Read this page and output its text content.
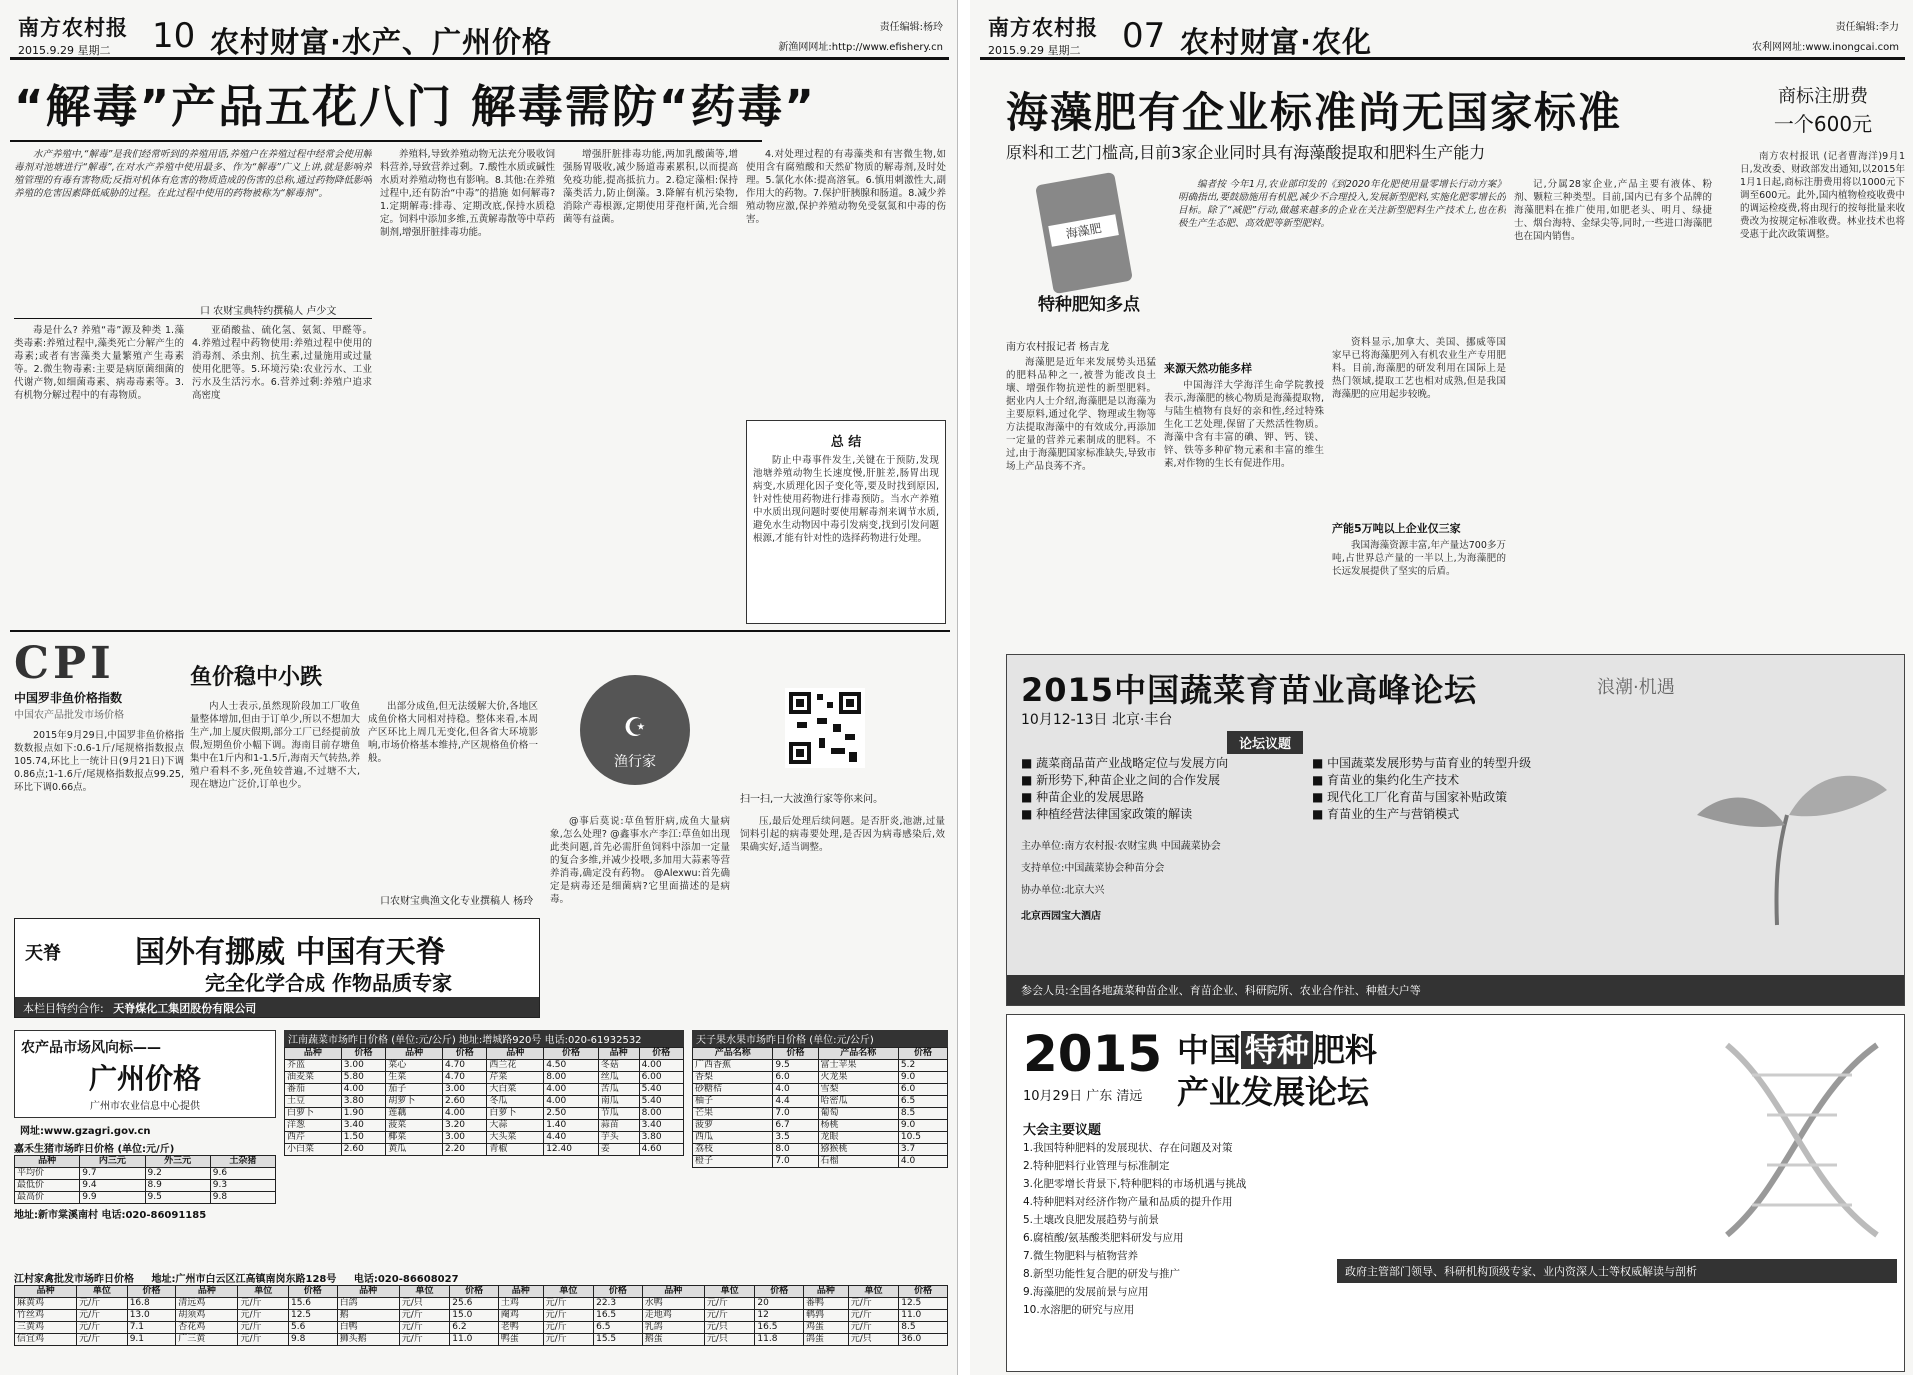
南方农村报
2015.9.29 星期二 10 农村财富·水产、广州价格	责任编辑:杨玲
新渔网网址:http://www.efishery.cn
“解毒”产品五花八门 解毒需防“药毒”

水产养殖中,“解毒”是我们经常听到的养殖用语,养殖户在养殖过程中经常会使用解毒剂对池塘进行“解毒”,在对水产养殖中使用最多、作为“解毒”广义上讲,就是影响养殖管理的有毒有害物质;反指对机体有危害的物质造成的伤害的总称,通过药物降低影响养殖的危害因素降低威胁的过程。在此过程中使用的药物被称为“解毒剂”。

口 农财宝典特约撰稿人 卢少文

毒是什么? 养殖“毒”源及种类 1.藻类毒素:养殖过程中,藻类死亡分解产生的毒素;或者有害藻类大量繁殖产生毒素等。2.微生物毒素:主要是病原菌细菌的代谢产物,如细菌毒素、病毒毒素等。3.有机物分解过程中的有毒物质。

亚硝酸盐、硫化氢、氨氮、甲醛等。4.养殖过程中药物使用:养殖过程中使用的消毒剂、杀虫剂、抗生素,过量施用或过量使用化肥等。5.环境污染:农业污水、工业污水及生活污水。6.营养过剩:养殖户追求高密度

养殖料,导致养殖动物无法充分吸收饲料营养,导致营养过剩。7.酸性水质或碱性水质对养殖动物也有影响。8.其他:在养殖过程中,还有防治“中毒”的措施 如何解毒? 1.定期解毒:排毒、定期改底,保持水质稳定。饲料中添加多维,五黄解毒散等中草药制剂,增强肝脏排毒功能。

增强肝脏排毒功能,两加乳酸菌等,增强肠胃吸收,减少肠道毒素累积,以而提高免疫功能,提高抵抗力。2.稳定藻相:保持藻类活力,防止倒藻。3.降解有机污染物,消除产毒根源,定期使用芽孢杆菌,光合细菌等有益菌。

4.对处理过程的有毒藻类和有害微生物,如使用含有腐殖酸和天然矿物质的解毒剂,及时处理。5.氯化水体:提高溶氧。6.慎用刺激性大,副作用大的药物。7.保护肝胰腺和肠道。8.减少养殖动物应激,保护养殖动物免受氨氮和中毒的伤害。

总 结

防止中毒事件发生,关键在于预防,发现池塘养殖动物生长速度慢,肝脏差,肠胃出现病变,水质理化因子变化等,要及时找到原因,针对性使用药物进行排毒预防。当水产养殖中水质出现问题时要使用解毒剂来调节水质,避免水生动物因中毒引发病变,找到引发问题根源,才能有针对性的选择药物进行处理。

CPI
中国罗非鱼价格指数
中国农产品批发市场价格

2015年9月29日,中国罗非鱼价格指数数报点如下:0.6-1斤/尾规格指数报点105.74,环比上一统计日(9月21日)下调0.86点;1-1.6斤/尾规格指数报点99.25,环比下调0.66点。

鱼价稳中小跌

内人士表示,虽然现阶段加工厂收鱼量整体增加,但由于订单少,所以不想加大生产,加上厦庆假期,部分工厂已经提前放假,短期鱼价小幅下调。海南目前存塘鱼集中在1斤内和1-1.5斤,海南天气转热,养殖户看料不多,死鱼较普遍,不过塘不大,现在塘边广泛价,订单也少。

出部分成鱼,但无法缓解大价,各地区成鱼价格大同相对持稳。整体来看,本周产区环比上周几无变化,但各省大环境影响,市场价格基本维持,产区规格鱼价格一般。

口农财宝典渔文化专业撰稿人 杨玲
☪
渔行家
扫一扫,一大波渔行家等你来问。

@事后莫说:草鱼暂肝病,成鱼大量病象,怎么处理? @鑫事水产李江:草鱼如出现此类问题,首先必需肝鱼饲料中添加一定量的复合多维,并减少投喂,多加用大蒜素等营养消毒,确定没有药物。 @Alexwu:首先确定是病毒还是细菌病?它里面描述的是病毒。

压,最后处理后续问题。是否肝炎,池溏,过量饲料引起的病毒要处理,是否因为病毒感染后,效果确实好,适当调整。

天脊 国外有挪威 中国有天脊
完全化学合成 作物品质专家
本栏目特约合作: 天脊煤化工集团股份有限公司
农产品市场风向标——
广州价格
广州市农业信息中心提供
网址:www.gzagri.gov.cn
嘉禾生猪市场昨日价格 (单位:元/斤)
品种	内三元	外三元	土杂猪
平均价	9.7	9.2	9.6
最低价	9.4	8.9	9.3
最高价	9.9	9.5	9.8
地址:新市棠溪南村 电话:020-86091185
江南蔬菜市场昨日价格 (单位:元/公斤) 地址:增城路920号 电话:020-61932532
品种	价格	品种	价格	品种	价格	品种	价格
芥蓝	3.00	菜心	4.70	西兰花	4.50	冬菇	4.00
油麦菜	5.80	生菜	4.70	芹菜	8.00	丝瓜	6.00
番茄	4.00	茄子	3.00	大白菜	4.00	苦瓜	5.40
土豆	3.80	胡萝卜	2.60	冬瓜	4.00	南瓜	5.40
白萝卜	1.90	莲藕	4.00	白萝卜	2.50	节瓜	8.00
洋葱	3.40	菠菜	3.20	大蒜	1.40	蒜苗	3.40
西芹	1.50	椰菜	3.00	大头菜	4.40	芋头	3.80
小白菜	2.60	黄瓜	2.20	青椒	12.40	姜	4.60
天子果水果市场昨日价格 (单位:元/公斤)
产品名称	价格	产品名称	价格
广西香蕉	9.5	富士苹果	5.2
香梨	6.0	火龙果	9.0
砂糖桔	4.0	雪梨	6.0
柚子	4.4	哈密瓜	6.5
芒果	7.0	葡萄	8.5
菠萝	6.7	杨桃	9.0
西瓜	3.5	龙眼	10.5
荔枝	8.0	猕猴桃	3.7
橙子	7.0	石榴	4.0
江村家禽批发市场昨日价格 地址:广州市白云区江高镇南岗东路128号 电话:020-86608027
品种	单位	价格	品种	单位	价格	品种	单位	价格	品种	单位	价格	品种	单位	价格	品种	单位	价格
麻黄鸡	元/斤	16.8	清远鸡	元/斤	15.6	白鸽	元/只	25.6	土鸡	元/斤	22.3	水鸭	元/斤	20	番鸭	元/斤	12.5
竹丝鸡	元/斤	13.0	胡须鸡	元/斤	12.5	鹅	元/斤	15.0	阉鸡	元/斤	16.5	走地鸡	元/斤	12	鹌鹑	元/斤	11.0
三黄鸡	元/斤	7.1	杏花鸡	元/斤	5.6	白鸭	元/斤	6.2	老鸭	元/斤	6.5	乳鸽	元/只	16.5	鸡蛋	元/斤	8.5
信宜鸡	元/斤	9.1	广三黄	元/斤	9.8	狮头鹅	元/斤	11.0	鸭蛋	元/斤	15.5	鹅蛋	元/只	11.8	鸽蛋	元/只	36.0
南方农村报
2015.9.29 星期二 07 农村财富·农化	责任编辑:李力
农利网网址:www.inongcai.com
海藻肥有企业标准尚无国家标准
原料和工艺门槛高,目前3家企业同时具有海藻酸提取和肥料生产能力
商标注册费
一个600元
海藻肥
特种肥知多点

编者按 今年1月,农业部印发的《到2020年化肥使用量零增长行动方案》明确指出,要鼓励施用有机肥,减少不合理投入,发展新型肥料,实施化肥零增长的目标。除了“减肥”行动,做越来越多的企业在关注新型肥料生产技术上,也在积极生产生态肥、高效肥等新型肥料。

南方农村报记者 杨吉龙

海藻肥是近年来发展势头迅猛的肥料品种之一,被誉为能改良土壤、增强作物抗逆性的新型肥料。据业内人士介绍,海藻肥是以海藻为主要原料,通过化学、物理或生物等方法提取海藻中的有效成分,再添加一定量的营养元素制成的肥料。不过,由于海藻肥国家标准缺失,导致市场上产品良莠不齐。

来源天然功能多样

中国海洋大学海洋生命学院教授表示,海藻肥的核心物质是海藻提取物,与陆生植物有良好的亲和性,经过特殊生化工艺处理,保留了天然活性物质。海藻中含有丰富的碘、钾、钙、镁、锌、铁等多种矿物元素和丰富的维生素,对作物的生长有促进作用。

资料显示,加拿大、美国、挪威等国家早已将海藻肥列入有机农业生产专用肥料。目前,海藻肥的研发利用在国际上是热门领域,提取工艺也相对成熟,但是我国海藻肥的应用起步较晚。

产能5万吨以上企业仅三家

我国海藻资源丰富,年产量达700多万吨,占世界总产量的一半以上,为海藻肥的长远发展提供了坚实的后盾。

记,分属28家企业,产品主要有液体、粉剂、颗粒三种类型。目前,国内已有多个品牌的海藻肥料在推广使用,如肥老头、明月、绿捷士、烟台海特、金绿尖等,同时,一些进口海藻肥也在国内销售。

南方农村报讯 (记者曹海洋)9月1日,发改委、财政部发出通知,以2015年1月1日起,商标注册费用将以1000元下调至600元。此外,国内植物检疫收费中的调运检疫费,将由现行的按每批量来收费改为按规定标准收费。林业技术也将受惠于此次政策调整。

2015中国蔬菜育苗业高峰论坛	浪潮·机遇
10月12-13日 北京·丰台
论坛议题
■ 蔬菜商品苗产业战略定位与发展方向
■ 新形势下,种苗企业之间的合作发展
■ 种苗企业的发展思路
■ 种植经营法律国家政策的解读
■ 中国蔬菜发展形势与苗育业的转型升级
■ 育苗业的集约化生产技术
■ 现代化工厂化育苗与国家补贴政策
■ 育苗业的生产与营销模式
主办单位:南方农村报·农财宝典 中国蔬菜协会
支持单位:中国蔬菜协会种苗分会
协办单位:北京大兴
北京西园宝大酒店
参会人员:全国各地蔬菜种苗企业、育苗企业、科研院所、农业合作社、种植大户等
2015 中国 特种 肥料
产业发展论坛
10月29日 广东 清远
大会主要议题
1.我国特种肥料的发展现状、存在问题及对策
2.特种肥料行业管理与标准制定
3.化肥零增长背景下,特种肥料的市场机遇与挑战
4.特种肥料对经济作物产量和品质的提升作用
5.土壤改良肥发展趋势与前景
6.腐植酸/氨基酸类肥料研发与应用
7.微生物肥料与植物营养
8.新型功能性复合肥的研发与推广
9.海藻肥的发展前景与应用
10.水溶肥的研究与应用
政府主管部门领导、科研机构顶级专家、业内资深人士等权威解读与剖析
